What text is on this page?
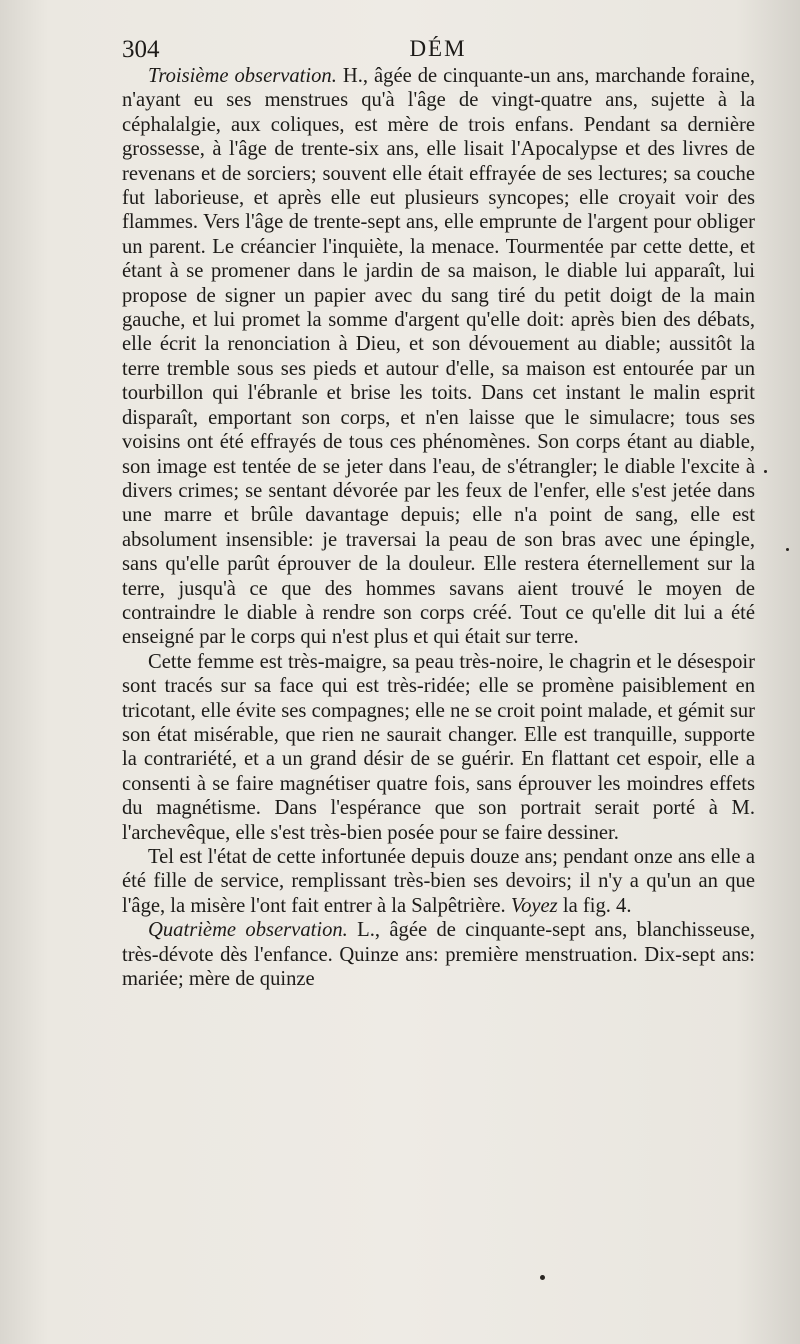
304	DÉM

Troisième observation. H., âgée de cinquante-un ans, marchande foraine, n'ayant eu ses menstrues qu'à l'âge de vingt-quatre ans, sujette à la céphalalgie, aux coliques, est mère de trois enfans. Pendant sa dernière grossesse, à l'âge de trente-six ans, elle lisait l'Apocalypse et des livres de revenans et de sorciers; souvent elle était effrayée de ses lectures; sa couche fut laborieuse, et après elle eut plusieurs syncopes; elle croyait voir des flammes. Vers l'âge de trente-sept ans, elle emprunte de l'argent pour obliger un parent. Le créancier l'inquiète, la menace. Tourmentée par cette dette, et étant à se promener dans le jardin de sa maison, le diable lui apparaît, lui propose de signer un papier avec du sang tiré du petit doigt de la main gauche, et lui promet la somme d'argent qu'elle doit: après bien des débats, elle écrit la renonciation à Dieu, et son dévouement au diable; aussitôt la terre tremble sous ses pieds et autour d'elle, sa maison est entourée par un tourbillon qui l'ébranle et brise les toits. Dans cet instant le malin esprit disparaît, emportant son corps, et n'en laisse que le simulacre; tous ses voisins ont été effrayés de tous ces phénomènes. Son corps étant au diable, son image est tentée de se jeter dans l'eau, de s'étrangler; le diable l'excite à divers crimes; se sentant dévorée par les feux de l'enfer, elle s'est jetée dans une marre et brûle davantage depuis; elle n'a point de sang, elle est absolument insensible: je traversai la peau de son bras avec une épingle, sans qu'elle parût éprouver de la douleur. Elle restera éternellement sur la terre, jusqu'à ce que des hommes savans aient trouvé le moyen de contraindre le diable à rendre son corps créé. Tout ce qu'elle dit lui a été enseigné par le corps qui n'est plus et qui était sur terre.

Cette femme est très-maigre, sa peau très-noire, le chagrin et le désespoir sont tracés sur sa face qui est très-ridée; elle se promène paisiblement en tricotant, elle évite ses compagnes; elle ne se croit point malade, et gémit sur son état misérable, que rien ne saurait changer. Elle est tranquille, supporte la contrariété, et a un grand désir de se guérir. En flattant cet espoir, elle a consenti à se faire magnétiser quatre fois, sans éprouver les moindres effets du magnétisme. Dans l'espérance que son portrait serait porté à M. l'archevêque, elle s'est très-bien posée pour se faire dessiner.

Tel est l'état de cette infortunée depuis douze ans; pendant onze ans elle a été fille de service, remplissant très-bien ses devoirs; il n'y a qu'un an que l'âge, la misère l'ont fait entrer à la Salpêtrière. Voyez la fig. 4.

Quatrième observation. L., âgée de cinquante-sept ans, blanchisseuse, très-dévote dès l'enfance. Quinze ans: première menstruation. Dix-sept ans: mariée; mère de quinze
